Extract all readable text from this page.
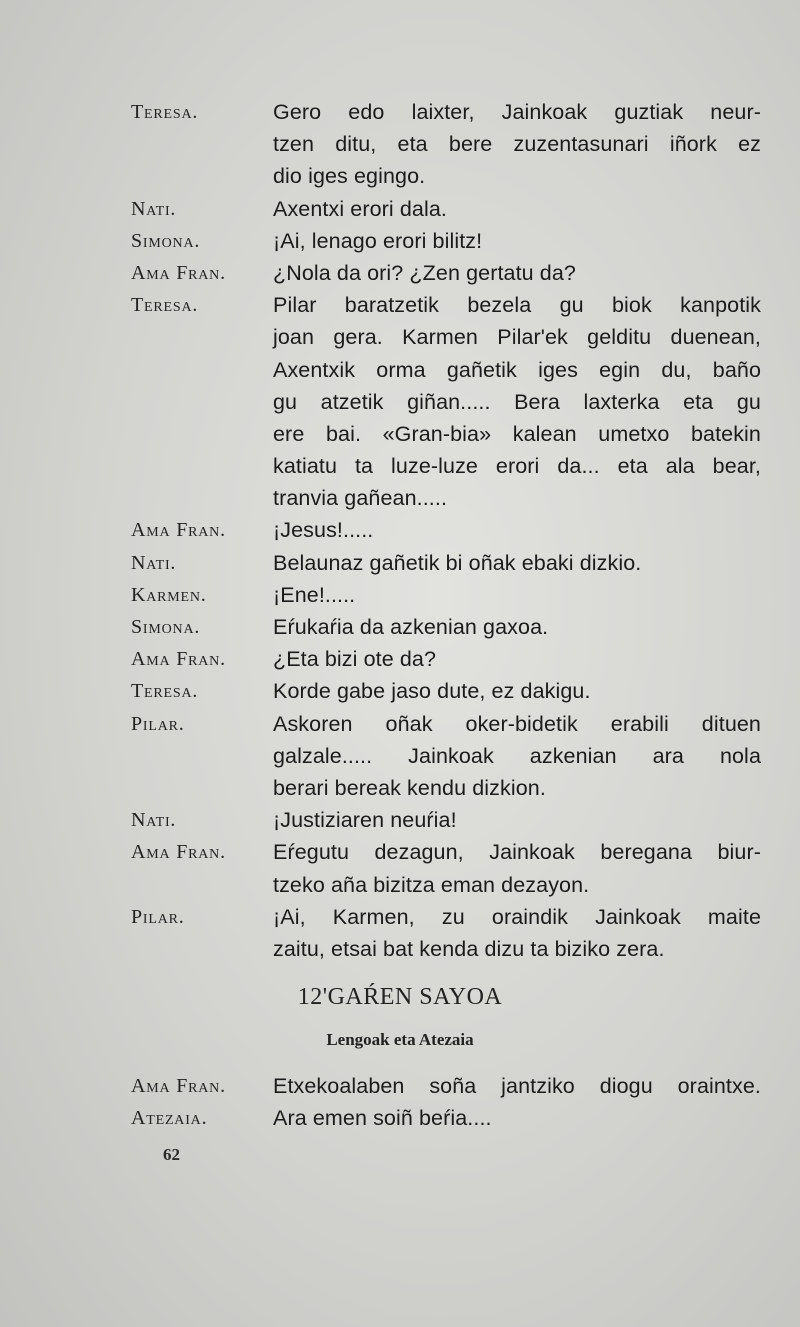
Teresa.	Gero edo laixter, Jainkoak guztiak neur-
tzen ditu, eta bere zuzentasunari iñork ez
dio iges egingo.
Nati.	Axentxi erori dala.
Simona.	¡Ai, lenago erori bilitz!
Ama Fran. ¿Nola da ori? ¿Zen gertatu da?
Teresa.	Pilar baratzetik bezela gu biok kanpotik
joan gera. Karmen Pilar'ek gelditu duenean,
Axentxik orma gañetik iges egin du, baño
gu atzetik giñan..... Bera laxterka eta gu
ere bai. «Gran-bia» kalean umetxo batekin
katiatu ta luze-luze erori da... eta ala bear,
tranvia gañean.....
Ama Fran. ¡Jesus!.....
Nati.	Belaunaz gañetik bi oñak ebaki dizkio.
Karmen.	¡Ene!.....
Simona.	Eŕukaŕia da azkenian gaxoa.
Ama Fran. ¿Eta bizi ote da?
Teresa.	Korde gabe jaso dute, ez dakigu.
Pilar.	Askoren oñak oker-bidetik erabili dituen
galzale..... Jainkoak azkenian ara nola
berari bereak kendu dizkion.
Nati.	¡Justiziaren neuŕia!
Ama Fran. Eŕegutu dezagun, Jainkoak beregana biur-
tzeko aña bizitza eman dezayon.
Pilar.	¡Ai, Karmen, zu oraindik Jainkoak maite
zaitu, etsai bat kenda dizu ta biziko zera.
12'GAŔEN SAYOA
Lengoak eta Atezaia
Ama Fran. Etxekoalaben soña jantziko diogu oraintxe.
Atezaia.	Ara emen soiñ beŕia....
62
